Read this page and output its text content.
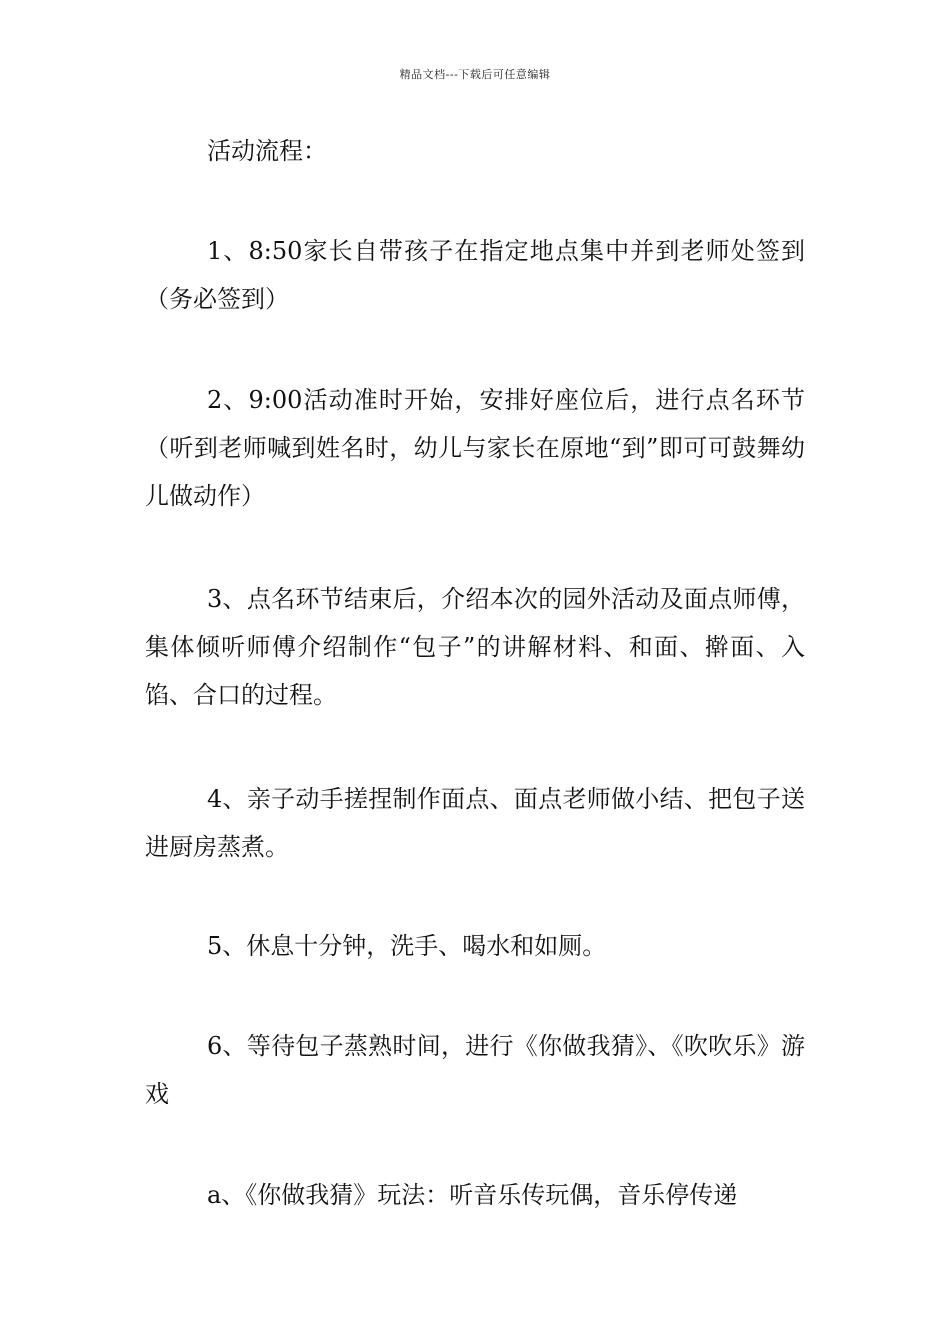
精品文档---下载后可任意编辑

活动流程：

1、8:50家长自带孩子在指定地点集中并到老师处签到（务必签到）

2、9:00活动准时开始，安排好座位后，进行点名环节（听到老师喊到姓名时，幼儿与家长在原地“到”即可可鼓舞幼儿做动作）

3、点名环节结束后，介绍本次的园外活动及面点师傅，集体倾听师傅介绍制作“包子”的讲解材料、和面、擀面、入馅、合口的过程。

4、亲子动手搓捏制作面点、面点老师做小结、把包子送进厨房蒸煮。

5、休息十分钟，洗手、喝水和如厕。

6、等待包子蒸熟时间，进行《你做我猜》、《吹吹乐》游戏

a、《你做我猜》玩法：听音乐传玩偶，音乐停传递
